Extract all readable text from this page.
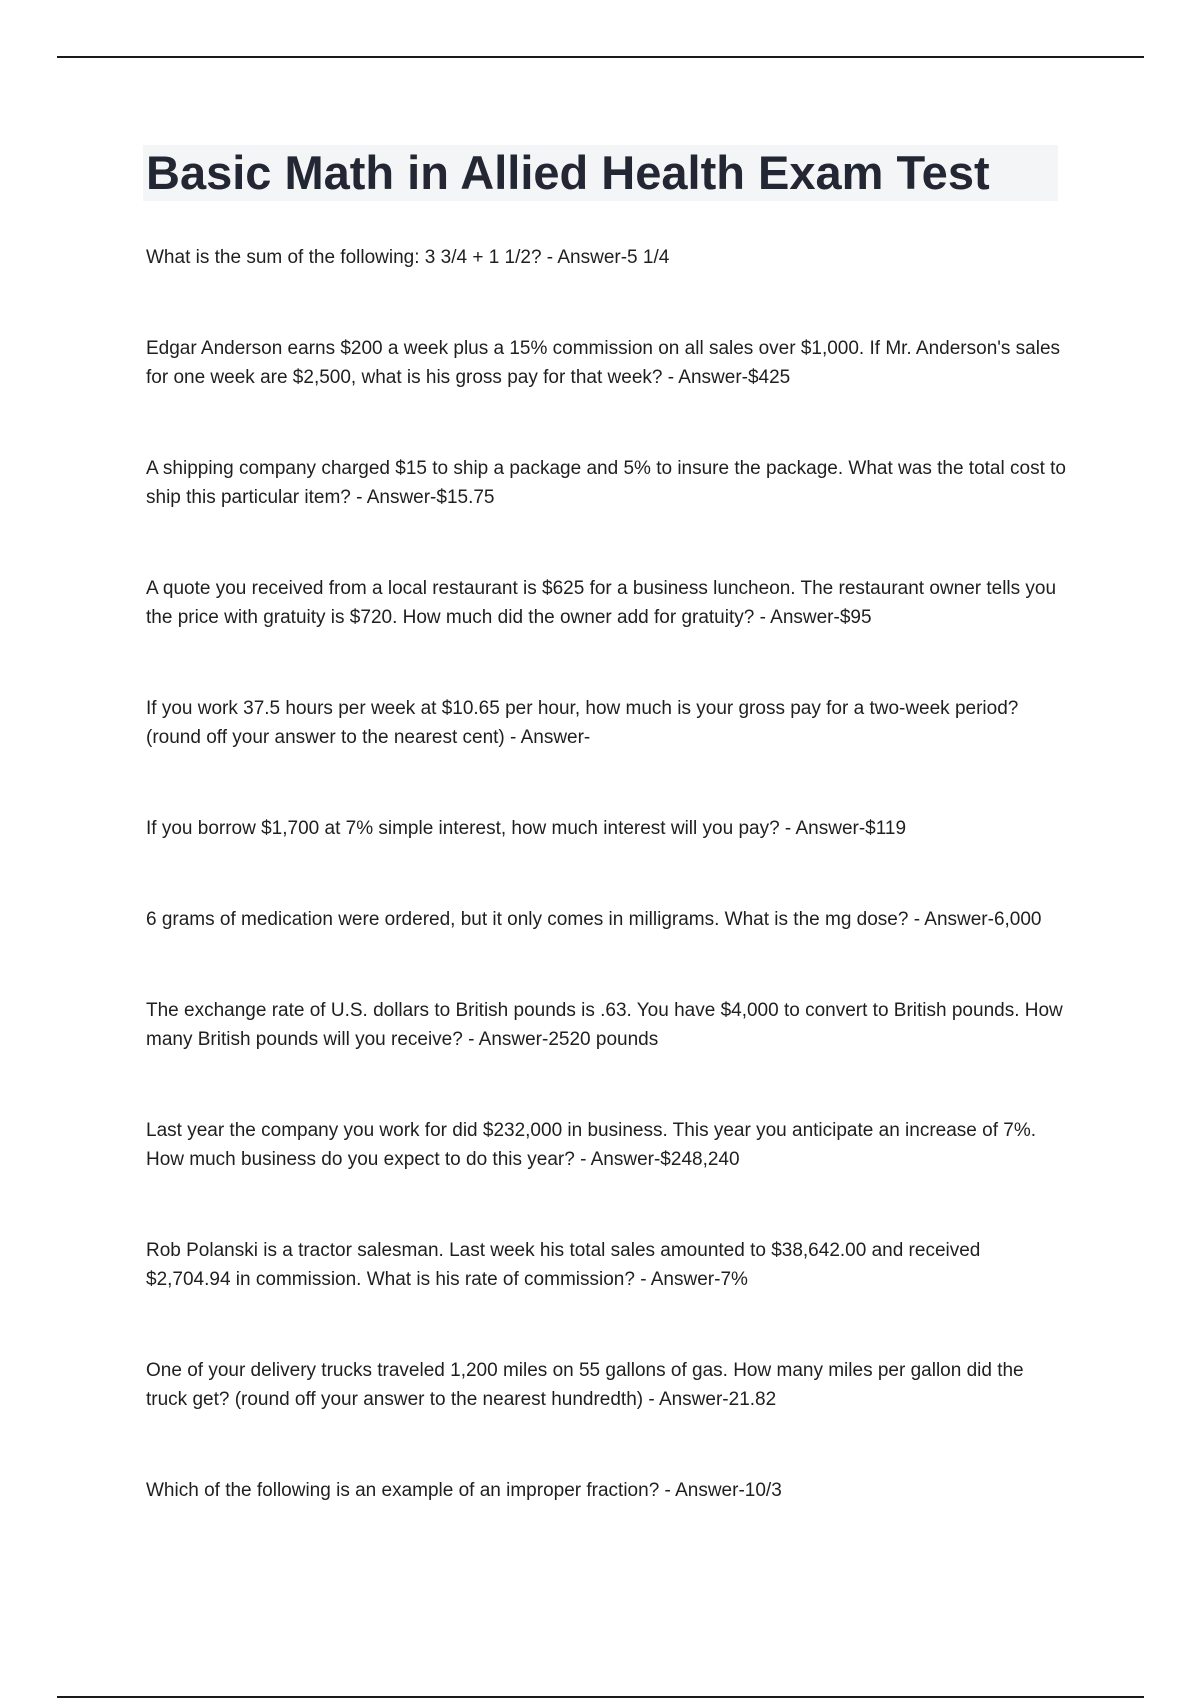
Basic Math in Allied Health Exam Test
What is the sum of the following: 3 3/4 + 1 1/2? - Answer-5 1/4
Edgar Anderson earns $200 a week plus a 15% commission on all sales over $1,000. If Mr. Anderson's sales for one week are $2,500, what is his gross pay for that week? - Answer-$425
A shipping company charged $15 to ship a package and 5% to insure the package. What was the total cost to ship this particular item? - Answer-$15.75
A quote you received from a local restaurant is $625 for a business luncheon. The restaurant owner tells you the price with gratuity is $720. How much did the owner add for gratuity? - Answer-$95
If you work 37.5 hours per week at $10.65 per hour, how much is your gross pay for a two-week period? (round off your answer to the nearest cent) - Answer-
If you borrow $1,700 at 7% simple interest, how much interest will you pay? - Answer-$119
6 grams of medication were ordered, but it only comes in milligrams. What is the mg dose? - Answer-6,000
The exchange rate of U.S. dollars to British pounds is .63. You have $4,000 to convert to British pounds. How many British pounds will you receive? - Answer-2520 pounds
Last year the company you work for did $232,000 in business. This year you anticipate an increase of 7%. How much business do you expect to do this year? - Answer-$248,240
Rob Polanski is a tractor salesman. Last week his total sales amounted to $38,642.00 and received $2,704.94 in commission. What is his rate of commission? - Answer-7%
One of your delivery trucks traveled 1,200 miles on 55 gallons of gas. How many miles per gallon did the truck get? (round off your answer to the nearest hundredth) - Answer-21.82
Which of the following is an example of an improper fraction? - Answer-10/3
